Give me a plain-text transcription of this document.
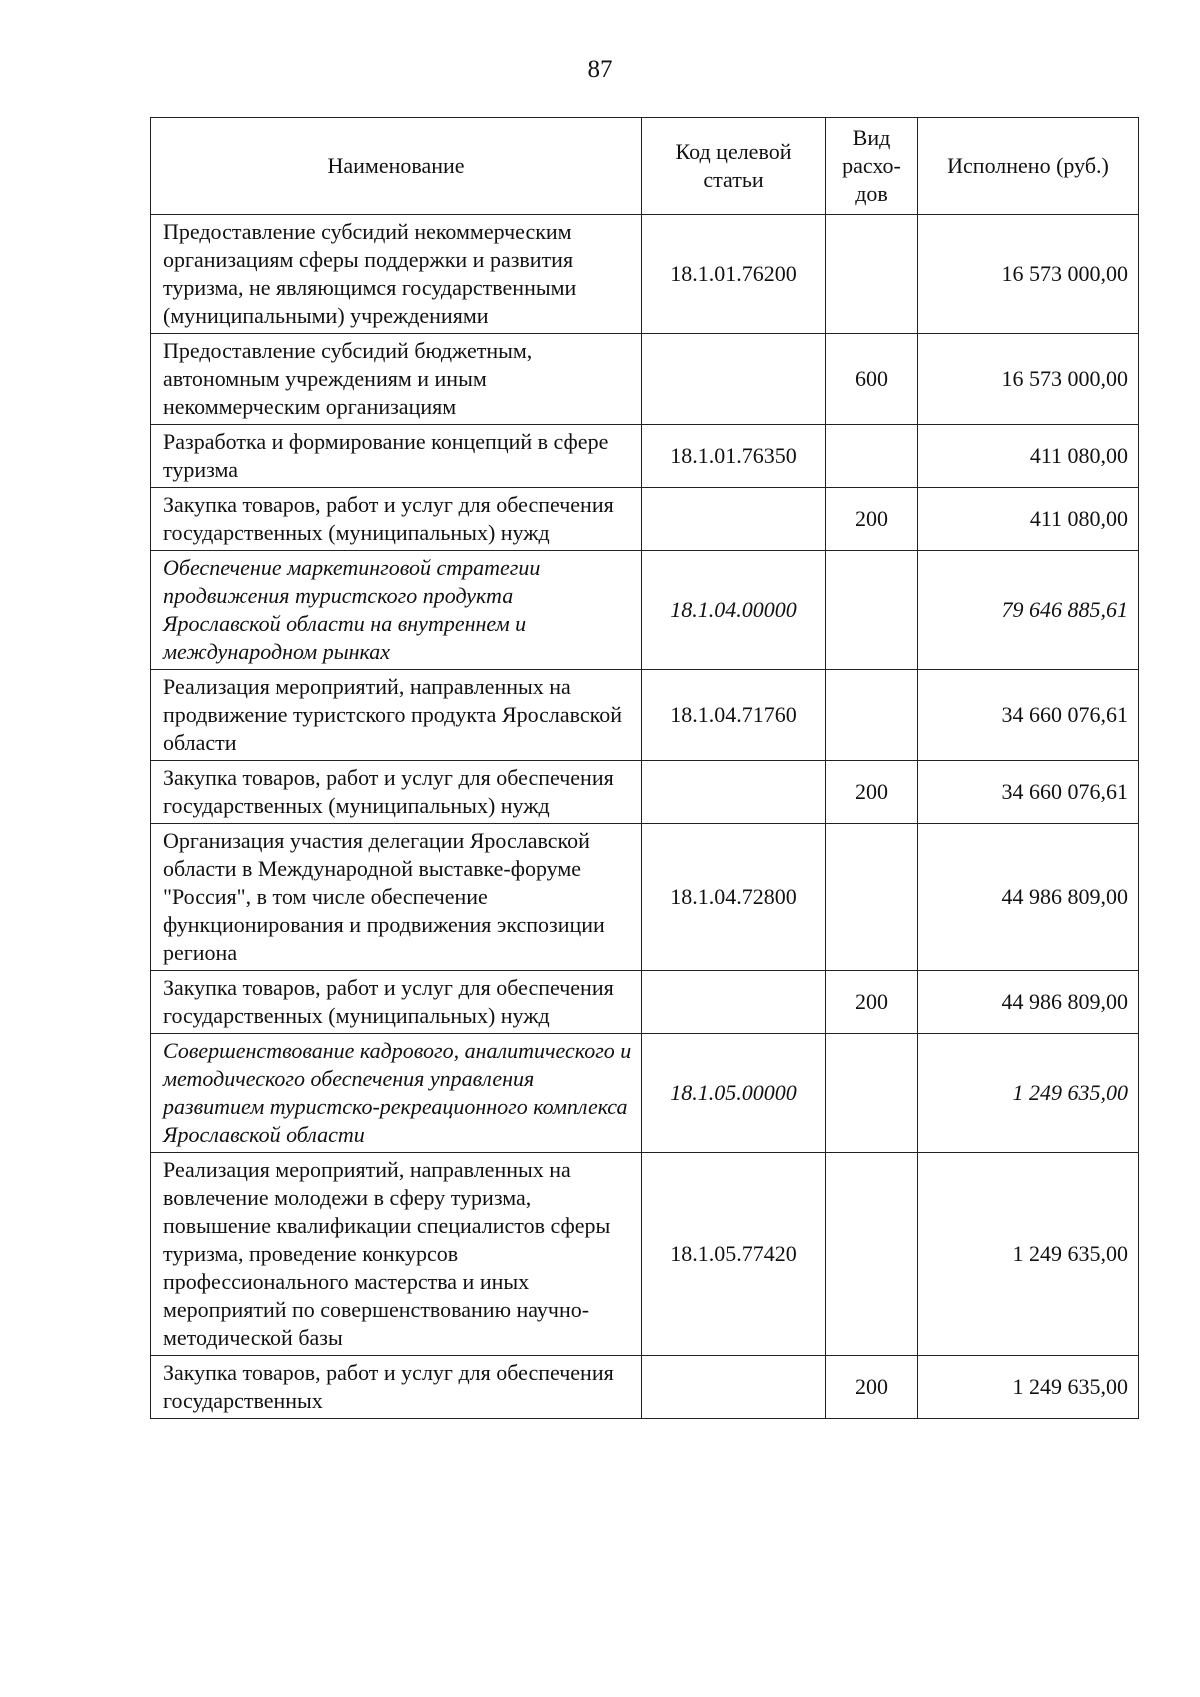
87
Наименование	Код целевой статьи	Вид расхо-дов	Исполнено (руб.)
Предоставление субсидий некоммерческим организациям сферы поддержки и развития туризма, не являющимся государственными (муниципальными) учреждениями	18.1.01.76200		16 573 000,00
Предоставление субсидий бюджетным, автономным учреждениям и иным некоммерческим организациям		600	16 573 000,00
Разработка и формирование концепций в сфере туризма	18.1.01.76350		411 080,00
Закупка товаров, работ и услуг для обеспечения государственных (муниципальных) нужд		200	411 080,00
Обеспечение маркетинговой стратегии продвижения туристского продукта Ярославской области на внутреннем и международном рынках	18.1.04.00000		79 646 885,61
Реализация мероприятий, направленных на продвижение туристского продукта Ярославской области	18.1.04.71760		34 660 076,61
Закупка товаров, работ и услуг для обеспечения государственных (муниципальных) нужд		200	34 660 076,61
Организация участия делегации Ярославской области в Международной выставке-форуме "Россия", в том числе обеспечение функционирования и продвижения экспозиции региона	18.1.04.72800		44 986 809,00
Закупка товаров, работ и услуг для обеспечения государственных (муниципальных) нужд		200	44 986 809,00
Совершенствование кадрового, аналитического и методического обеспечения управления развитием туристско-рекреационного комплекса Ярославской области	18.1.05.00000		1 249 635,00
Реализация мероприятий, направленных на вовлечение молодежи в сферу туризма, повышение квалификации специалистов сферы туризма, проведение конкурсов профессионального мастерства и иных мероприятий по совершенствованию научно-методической базы	18.1.05.77420		1 249 635,00
Закупка товаров, работ и услуг для обеспечения государственных		200	1 249 635,00
